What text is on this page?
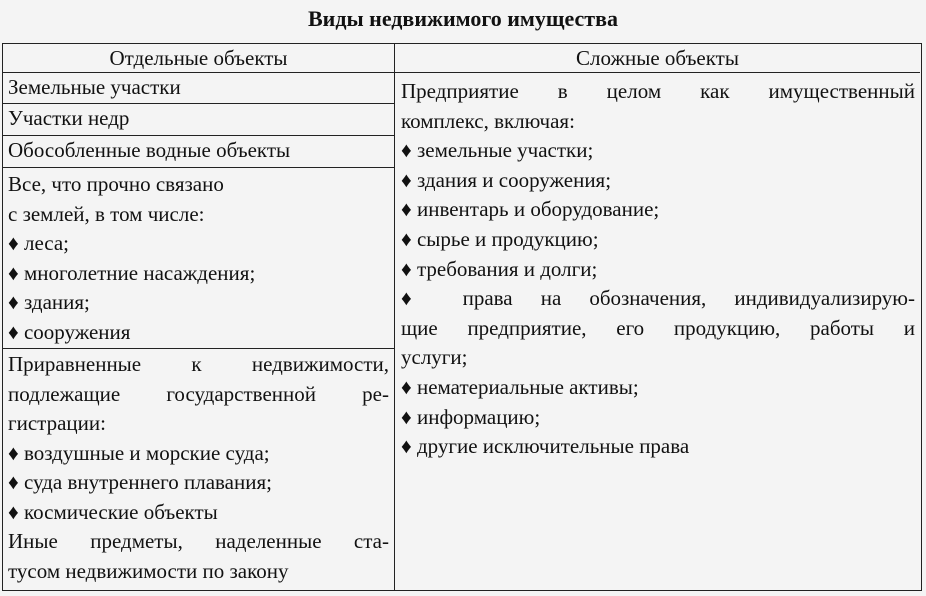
Виды недвижимого имущества
Отдельные объекты	Сложные объекты
Земельные участки
Участки недр
Обособленные водные объекты
Все, что прочно связано
с землей, в том числе:
♦ леса;
♦ многолетние насаждения;
♦ здания;
♦ сооружения
Приравненные к недвижимости,
подлежащие государственной ре-
гистрации:
♦ воздушные и морские суда;
♦ суда внутреннего плавания;
♦ космические объекты
Иные предметы, наделенные ста-
тусом недвижимости по закону
Предприятие в целом как имущественный
комплекс, включая:
♦ земельные участки;
♦ здания и сооружения;
♦ инвентарь и оборудование;
♦ сырье и продукцию;
♦ требования и долги;
♦ права на обозначения, индивидуализирую-
щие предприятие, его продукцию, работы и
услуги;
♦ нематериальные активы;
♦ информацию;
♦ другие исключительные права
